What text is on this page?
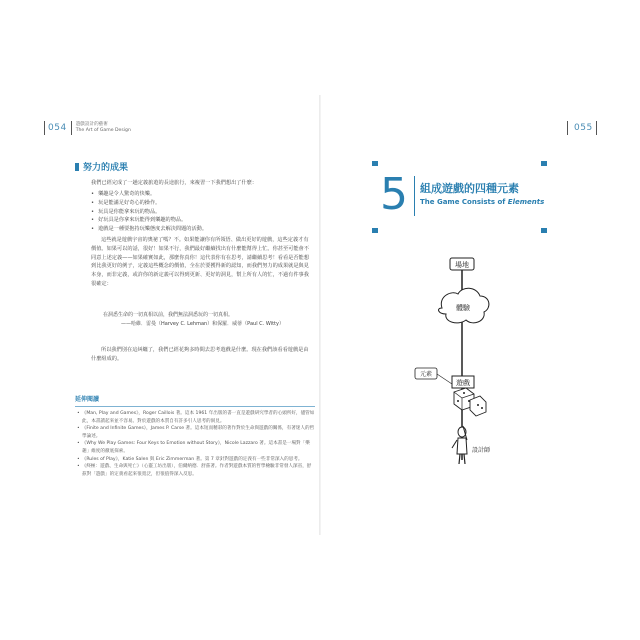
054 遊戲設計的藝術
The Art of Game Design	055
努力的成果
我們已經完成了一趟定義旅遊的長途旅行，來複習一下我們想出了什麼：
• 樂趣是令人驚奇的快樂。
• 玩是能滿足好奇心的操作。
• 玩具是你能拿來玩的物品。
• 好玩具是你拿來玩能得到樂趣的物品。
• 遊戲是一種要抱持玩樂態度去解決問題的活動。
這些就是遊戲宇宙的奧祕了嗎？不。如果能讓你有所領悟、做出更好的遊戲，這些定義才有價值。如果可以的話，很好！如果不行，我們最好繼續找出有什麼能幫得上忙。你甚至可能會不同意上述定義——如果確實如此，那麼你真你！這代表你有在思考，請繼續思考！看看是否能想到比我更好的例子，定義這些概念的價值，全在於要獲得新的認知，而我們努力的成果就是與見本身，而非定義，或許你的新定義可以得到更新、更好的洞見，幫上所有人的忙，不過有件事我很確定：
在洞悉生命的一切真相以前，我們無法洞悉玩的一切真相。
——哈維．雷曼（Harvey C. Lehman）和保羅．威蒂（Paul C. Witty）
所以我們別在這糾纏了，我們已經花夠多時間去思考遊戲是什麼。現在我們該看看遊戲是由什麼組成的。
延伸閱讀
• 《Man, Play and Games》，Roger Caillois 著。這本 1961 年出版的書一直是遊戲研究學者的心頭所好，儘管如此，本書讀起來並不容易。對於遊戲的本質自有許多引人思考的洞見。
• 《Finite and Infinite Games》，James P. Carse 著。這本短而精彩的著作對於生命與遊戲的關係，有著迷人的哲學論述。
• 《Why We Play Games: Four Keys to Emotion without Story》，Nicole Lazzaro 著。這本書是一場對「樂趣」維度的徹底探索。
• 《Rules of Play》，Katie Salen 與 Eric Zimmerman 著。第 7 章針對遊戲的定義有一些非常深入的思考。
• 《終極：遊戲、生命與死亡》（心靈工坊出版），伯爾納德．舒茲著。作者對遊戲本質的哲學檢驗非常發人深省，舒茲對「遊戲」的定義看起來很寬泛，但很值得深入反思。
5 組成遊戲的四種元素
The Game Consists of Elements
場地
體驗
元素
遊戲
設計師
